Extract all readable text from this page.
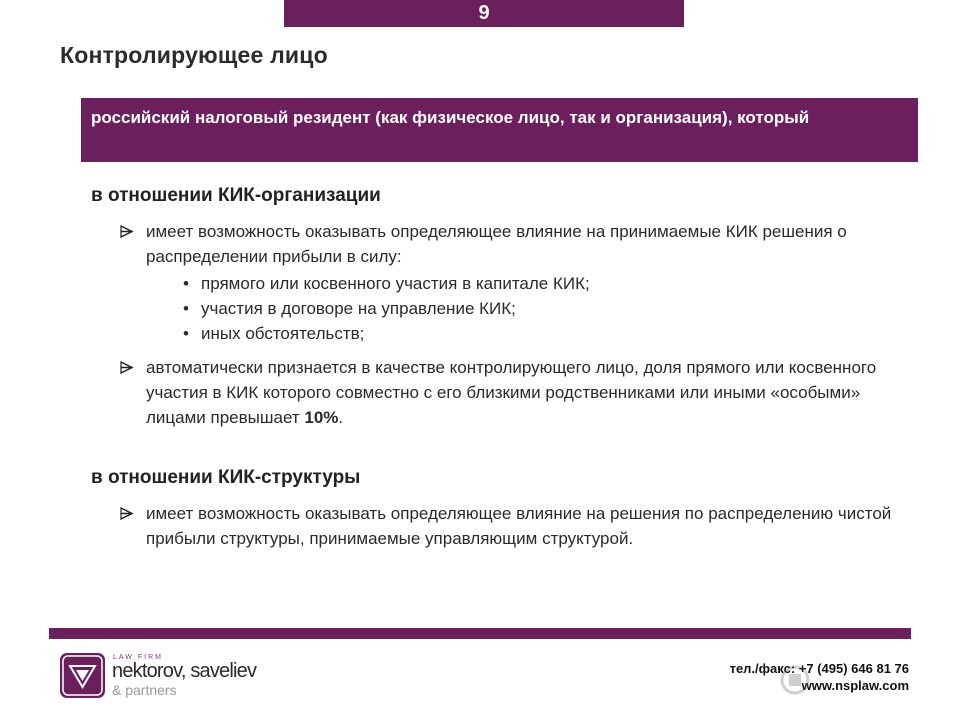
9
Контролирующее лицо
российский налоговый резидент (как физическое лицо, так и организация), который
в отношении КИК-организации
имеет возможность оказывать определяющее влияние на принимаемые КИК решения о распределении прибыли в силу:
• прямого или косвенного участия в капитале КИК;
• участия в договоре на управление КИК;
• иных обстоятельств;
автоматически признается в качестве контролирующего лицо, доля прямого или косвенного участия в КИК которого совместно с его близкими родственниками или иными «особыми» лицами превышает 10%.
в отношении КИК-структуры
имеет возможность оказывать определяющее влияние на решения по распределению чистой прибыли структуры, принимаемые управляющим структурой.
LAW FIRM
nektorov, saveliev
& partners
тел./факс: +7 (495) 646 81 76
www.nsplaw.com
